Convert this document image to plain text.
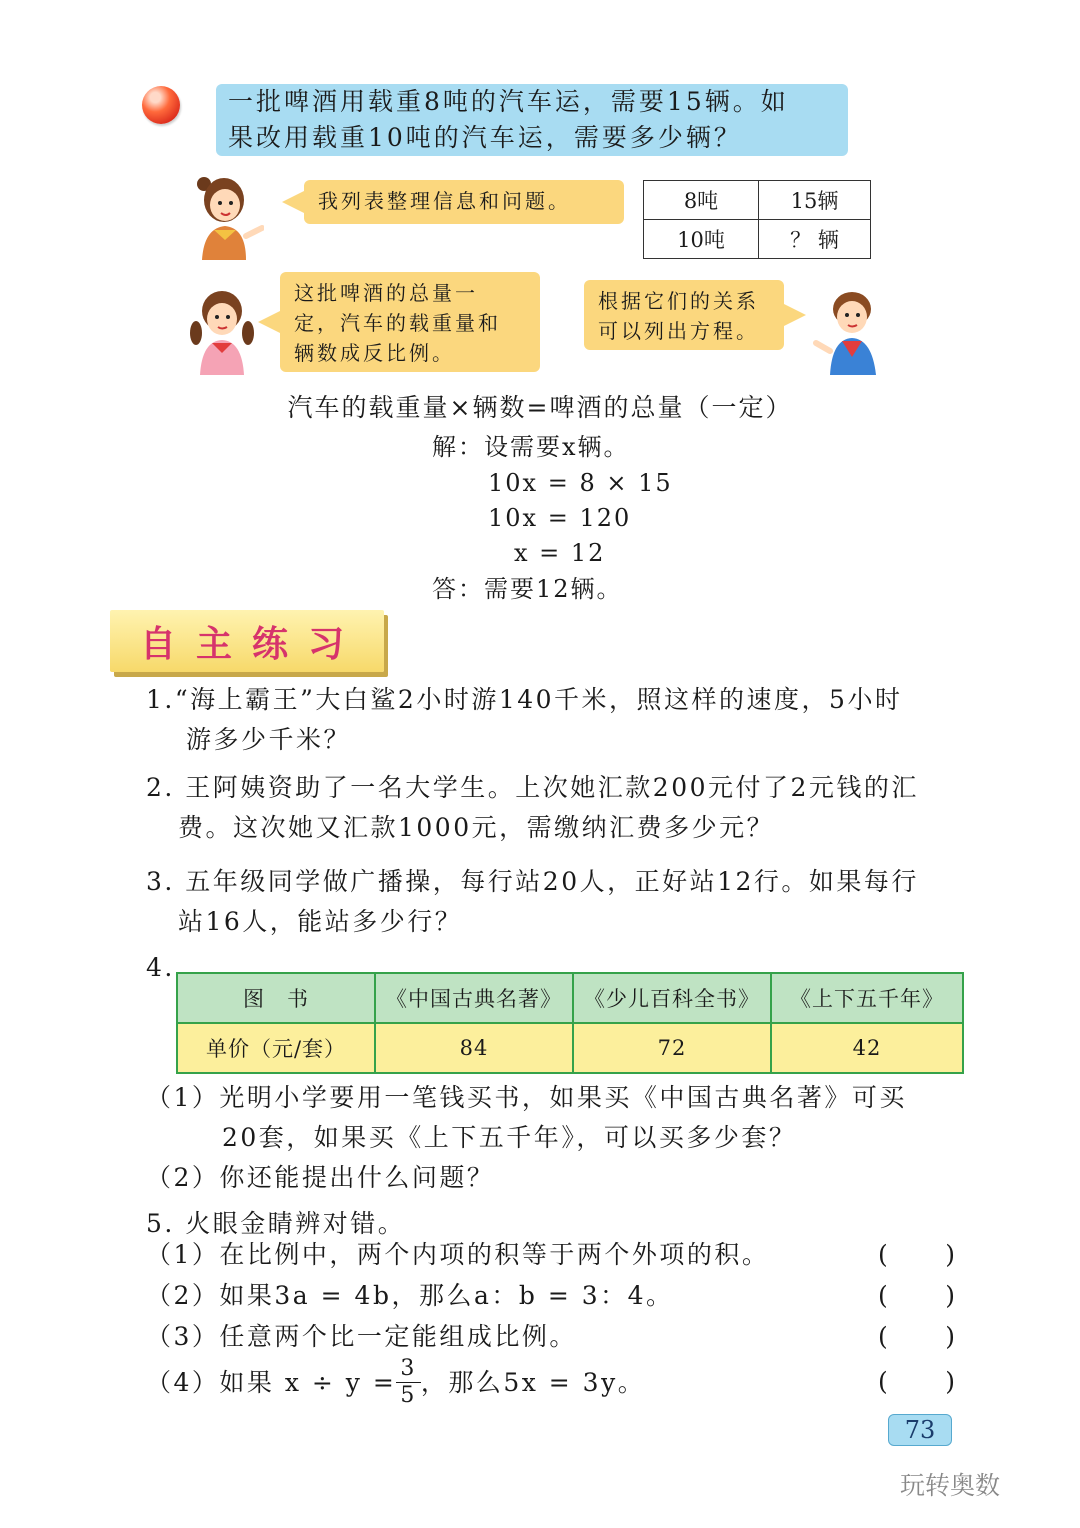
一批啤酒用载重8吨的汽车运，需要15辆。如
果改用载重10吨的汽车运，需要多少辆？
我列表整理信息和问题。	8吨	15辆
10吨	？ 辆
这批啤酒的总量一
定，汽车的载重量和
辆数成反比例。
根据它们的关系
可以列出方程。
汽车的载重量×辆数=啤酒的总量（一定）
解：设需要x辆。
10x = 8 × 15
10x = 120
x = 12
答：需要12辆。
自主练习
1.“海上霸王”大白鲨2小时游140千米，照这样的速度，5小时
游多少千米？
2. 王阿姨资助了一名大学生。上次她汇款200元付了2元钱的汇
费。这次她又汇款1000元，需缴纳汇费多少元？
3. 五年级同学做广播操，每行站20人，正好站12行。如果每行
站16人，能站多少行？
4.
图　书	《中国古典名著》	《少儿百科全书》	《上下五千年》
单价（元/套）	84	72	42
（1）光明小学要用一笔钱买书，如果买《中国古典名著》可买
20套，如果买《上下五千年》，可以买多少套？
（2）你还能提出什么问题？
5. 火眼金睛辨对错。
（1）在比例中，两个内项的积等于两个外项的积。	(　　)
（2）如果3a = 4b，那么a：b = 3：4。	(　　)
（3）任意两个比一定能组成比例。	(　　)
（4）如果 $x \div y = \frac{3}{5}$ ，那么5x = 3y。	(　　)
73
玩转奥数
